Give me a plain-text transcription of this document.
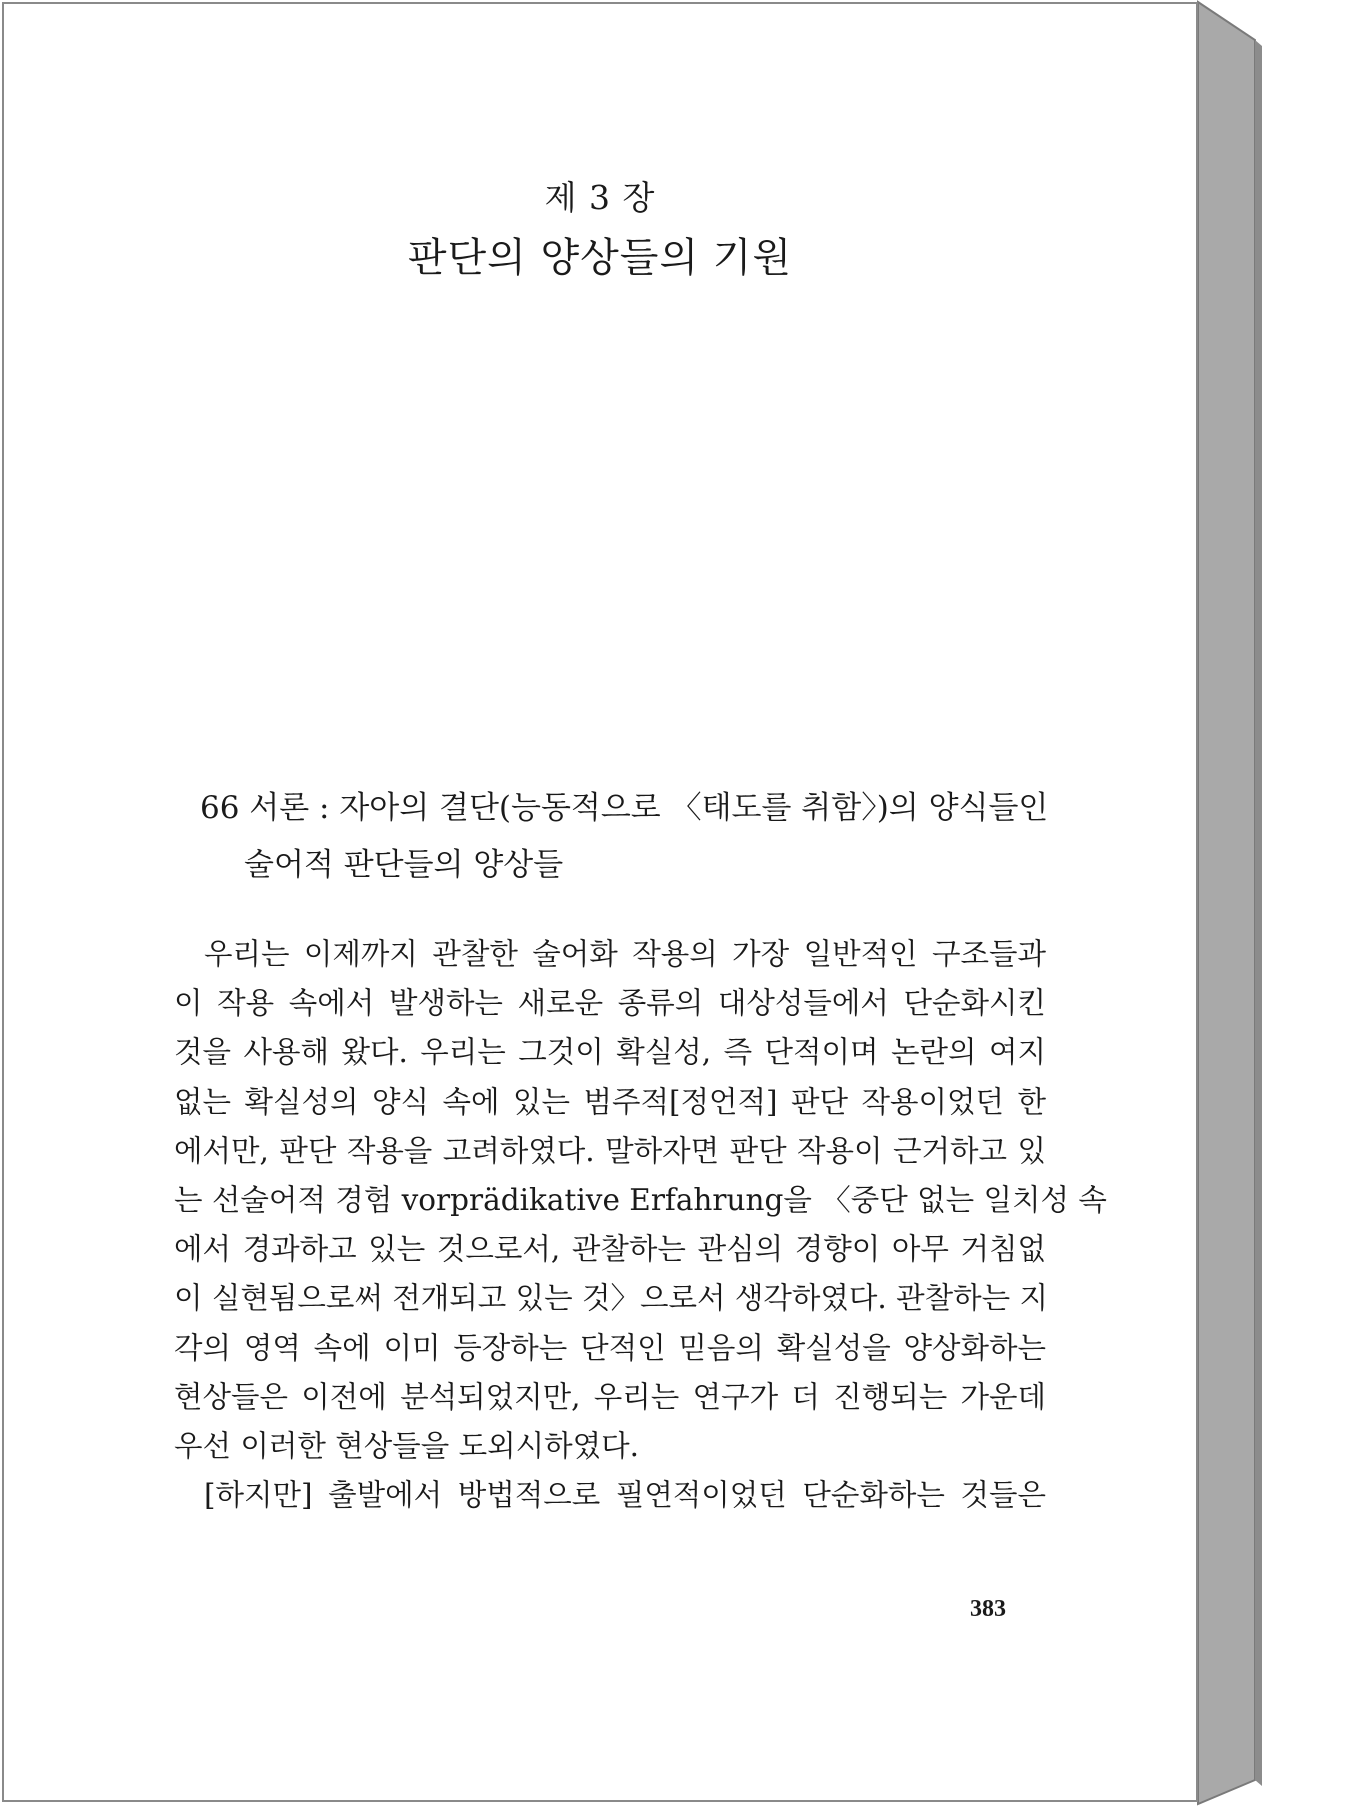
제 3 장
판단의 양상들의 기원
66 서론 : 자아의 결단(능동적으로 〈태도를 취함〉)의 양식들인
술어적 판단들의 양상들
우리는 이제까지 관찰한 술어화 작용의 가장 일반적인 구조들과
이 작용 속에서 발생하는 새로운 종류의 대상성들에서 단순화시킨
것을 사용해 왔다. 우리는 그것이 확실성, 즉 단적이며 논란의 여지
없는 확실성의 양식 속에 있는 범주적[정언적] 판단 작용이었던 한
에서만, 판단 작용을 고려하였다. 말하자면 판단 작용이 근거하고 있
는 선술어적 경험 vorprädikative Erfahrung을 〈중단 없는 일치성 속
에서 경과하고 있는 것으로서, 관찰하는 관심의 경향이 아무 거침없
이 실현됨으로써 전개되고 있는 것〉으로서 생각하였다. 관찰하는 지
각의 영역 속에 이미 등장하는 단적인 믿음의 확실성을 양상화하는
현상들은 이전에 분석되었지만, 우리는 연구가 더 진행되는 가운데
우선 이러한 현상들을 도외시하였다.
[하지만] 출발에서 방법적으로 필연적이었던 단순화하는 것들은
383
